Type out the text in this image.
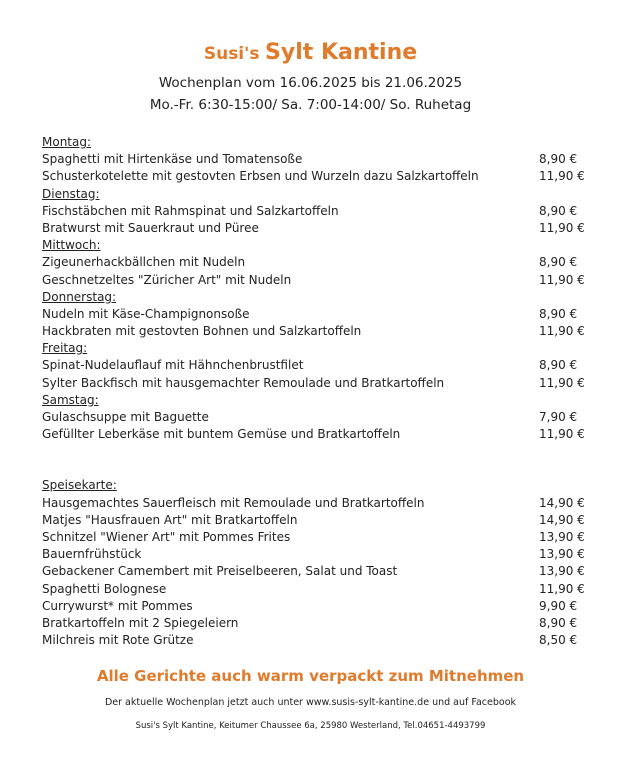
Susi's Sylt Kantine
Wochenplan vom 16.06.2025 bis 21.06.2025
Mo.-Fr. 6:30-15:00/ Sa. 7:00-14:00/ So. Ruhetag
Montag:
Spaghetti mit Hirtenkäse und Tomatensoße	8,90 €
Schusterkotelette mit gestovten Erbsen und Wurzeln dazu Salzkartoffeln	11,90 €
Dienstag:
Fischstäbchen mit Rahmspinat und Salzkartoffeln	8,90 €
Bratwurst mit Sauerkraut und Püree	11,90 €
Mittwoch:
Zigeunerhackbällchen mit Nudeln	8,90 €
Geschnetzeltes "Züricher Art" mit Nudeln	11,90 €
Donnerstag:
Nudeln mit Käse-Champignonsoße	8,90 €
Hackbraten mit gestovten Bohnen und Salzkartoffeln	11,90 €
Freitag:
Spinat-Nudelauflauf mit Hähnchenbrustfilet	8,90 €
Sylter Backfisch mit hausgemachter Remoulade und Bratkartoffeln	11,90 €
Samstag:
Gulaschsuppe mit Baguette	7,90 €
Gefüllter Leberkäse mit buntem Gemüse und Bratkartoffeln	11,90 €
Speisekarte:
Hausgemachtes Sauerfleisch mit Remoulade und Bratkartoffeln	14,90 €
Matjes "Hausfrauen Art" mit Bratkartoffeln	14,90 €
Schnitzel "Wiener Art" mit Pommes Frites	13,90 €
Bauernfrühstück	13,90 €
Gebackener Camembert mit Preiselbeeren, Salat und Toast	13,90 €
Spaghetti Bolognese	11,90 €
Currywurst* mit Pommes	9,90 €
Bratkartoffeln mit 2 Spiegeleiern	8,90 €
Milchreis mit Rote Grütze	8,50 €
Alle Gerichte auch warm verpackt zum Mitnehmen
Der aktuelle Wochenplan jetzt auch unter www.susis-sylt-kantine.de und auf Facebook
Susi's Sylt Kantine, Keitumer Chaussee 6a, 25980 Westerland, Tel.04651-4493799
